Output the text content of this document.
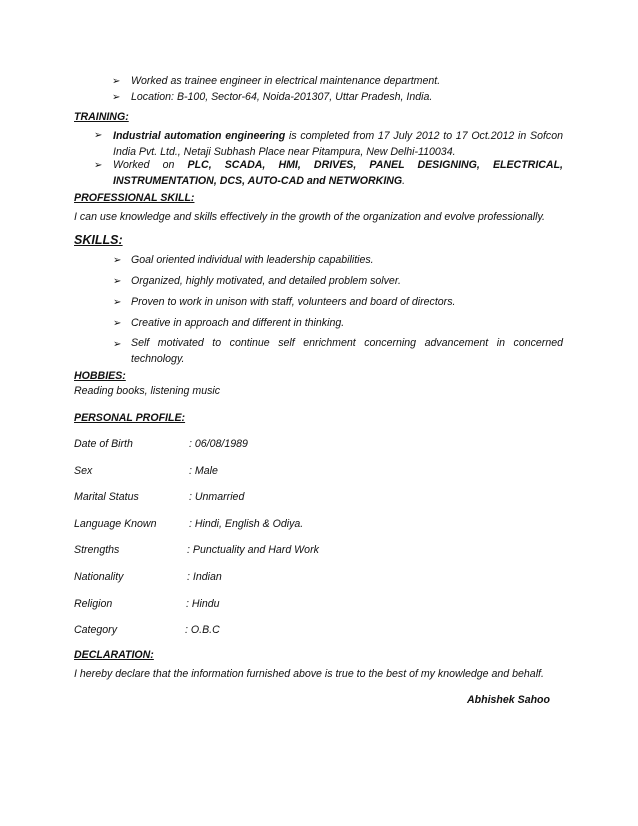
➢ Worked as trainee engineer in electrical maintenance department.
➢ Location: B-100, Sector-64, Noida-201307, Uttar Pradesh, India.
TRAINING:
➢ Industrial automation engineering is completed from 17 July 2012 to 17 Oct.2012 in Sofcon India Pvt. Ltd., Netaji Subhash Place near Pitampura, New Delhi-110034.
➢ Worked on PLC, SCADA, HMI, DRIVES, PANEL DESIGNING, ELECTRICAL, INSTRUMENTATION, DCS, AUTO-CAD and NETWORKING.
PROFESSIONAL SKILL:
I can use knowledge and skills effectively in the growth of the organization and evolve professionally.
SKILLS:
➢ Goal oriented individual with leadership capabilities.
➢ Organized, highly motivated, and detailed problem solver.
➢ Proven to work in unison with staff, volunteers and board of directors.
➢ Creative in approach and different in thinking.
➢ Self motivated to continue self enrichment concerning advancement in concerned technology.
HOBBIES:
Reading books, listening music
PERSONAL PROFILE:
Date of Birth	: 06/08/1989
Sex	: Male
Marital Status	: Unmarried
Language Known	: Hindi, English & Odiya.
Strengths	: Punctuality and Hard Work
Nationality	: Indian
Religion	: Hindu
Category	: O.B.C
DECLARATION:
I hereby declare that the information furnished above is true to the best of my knowledge and behalf.
Abhishek Sahoo
